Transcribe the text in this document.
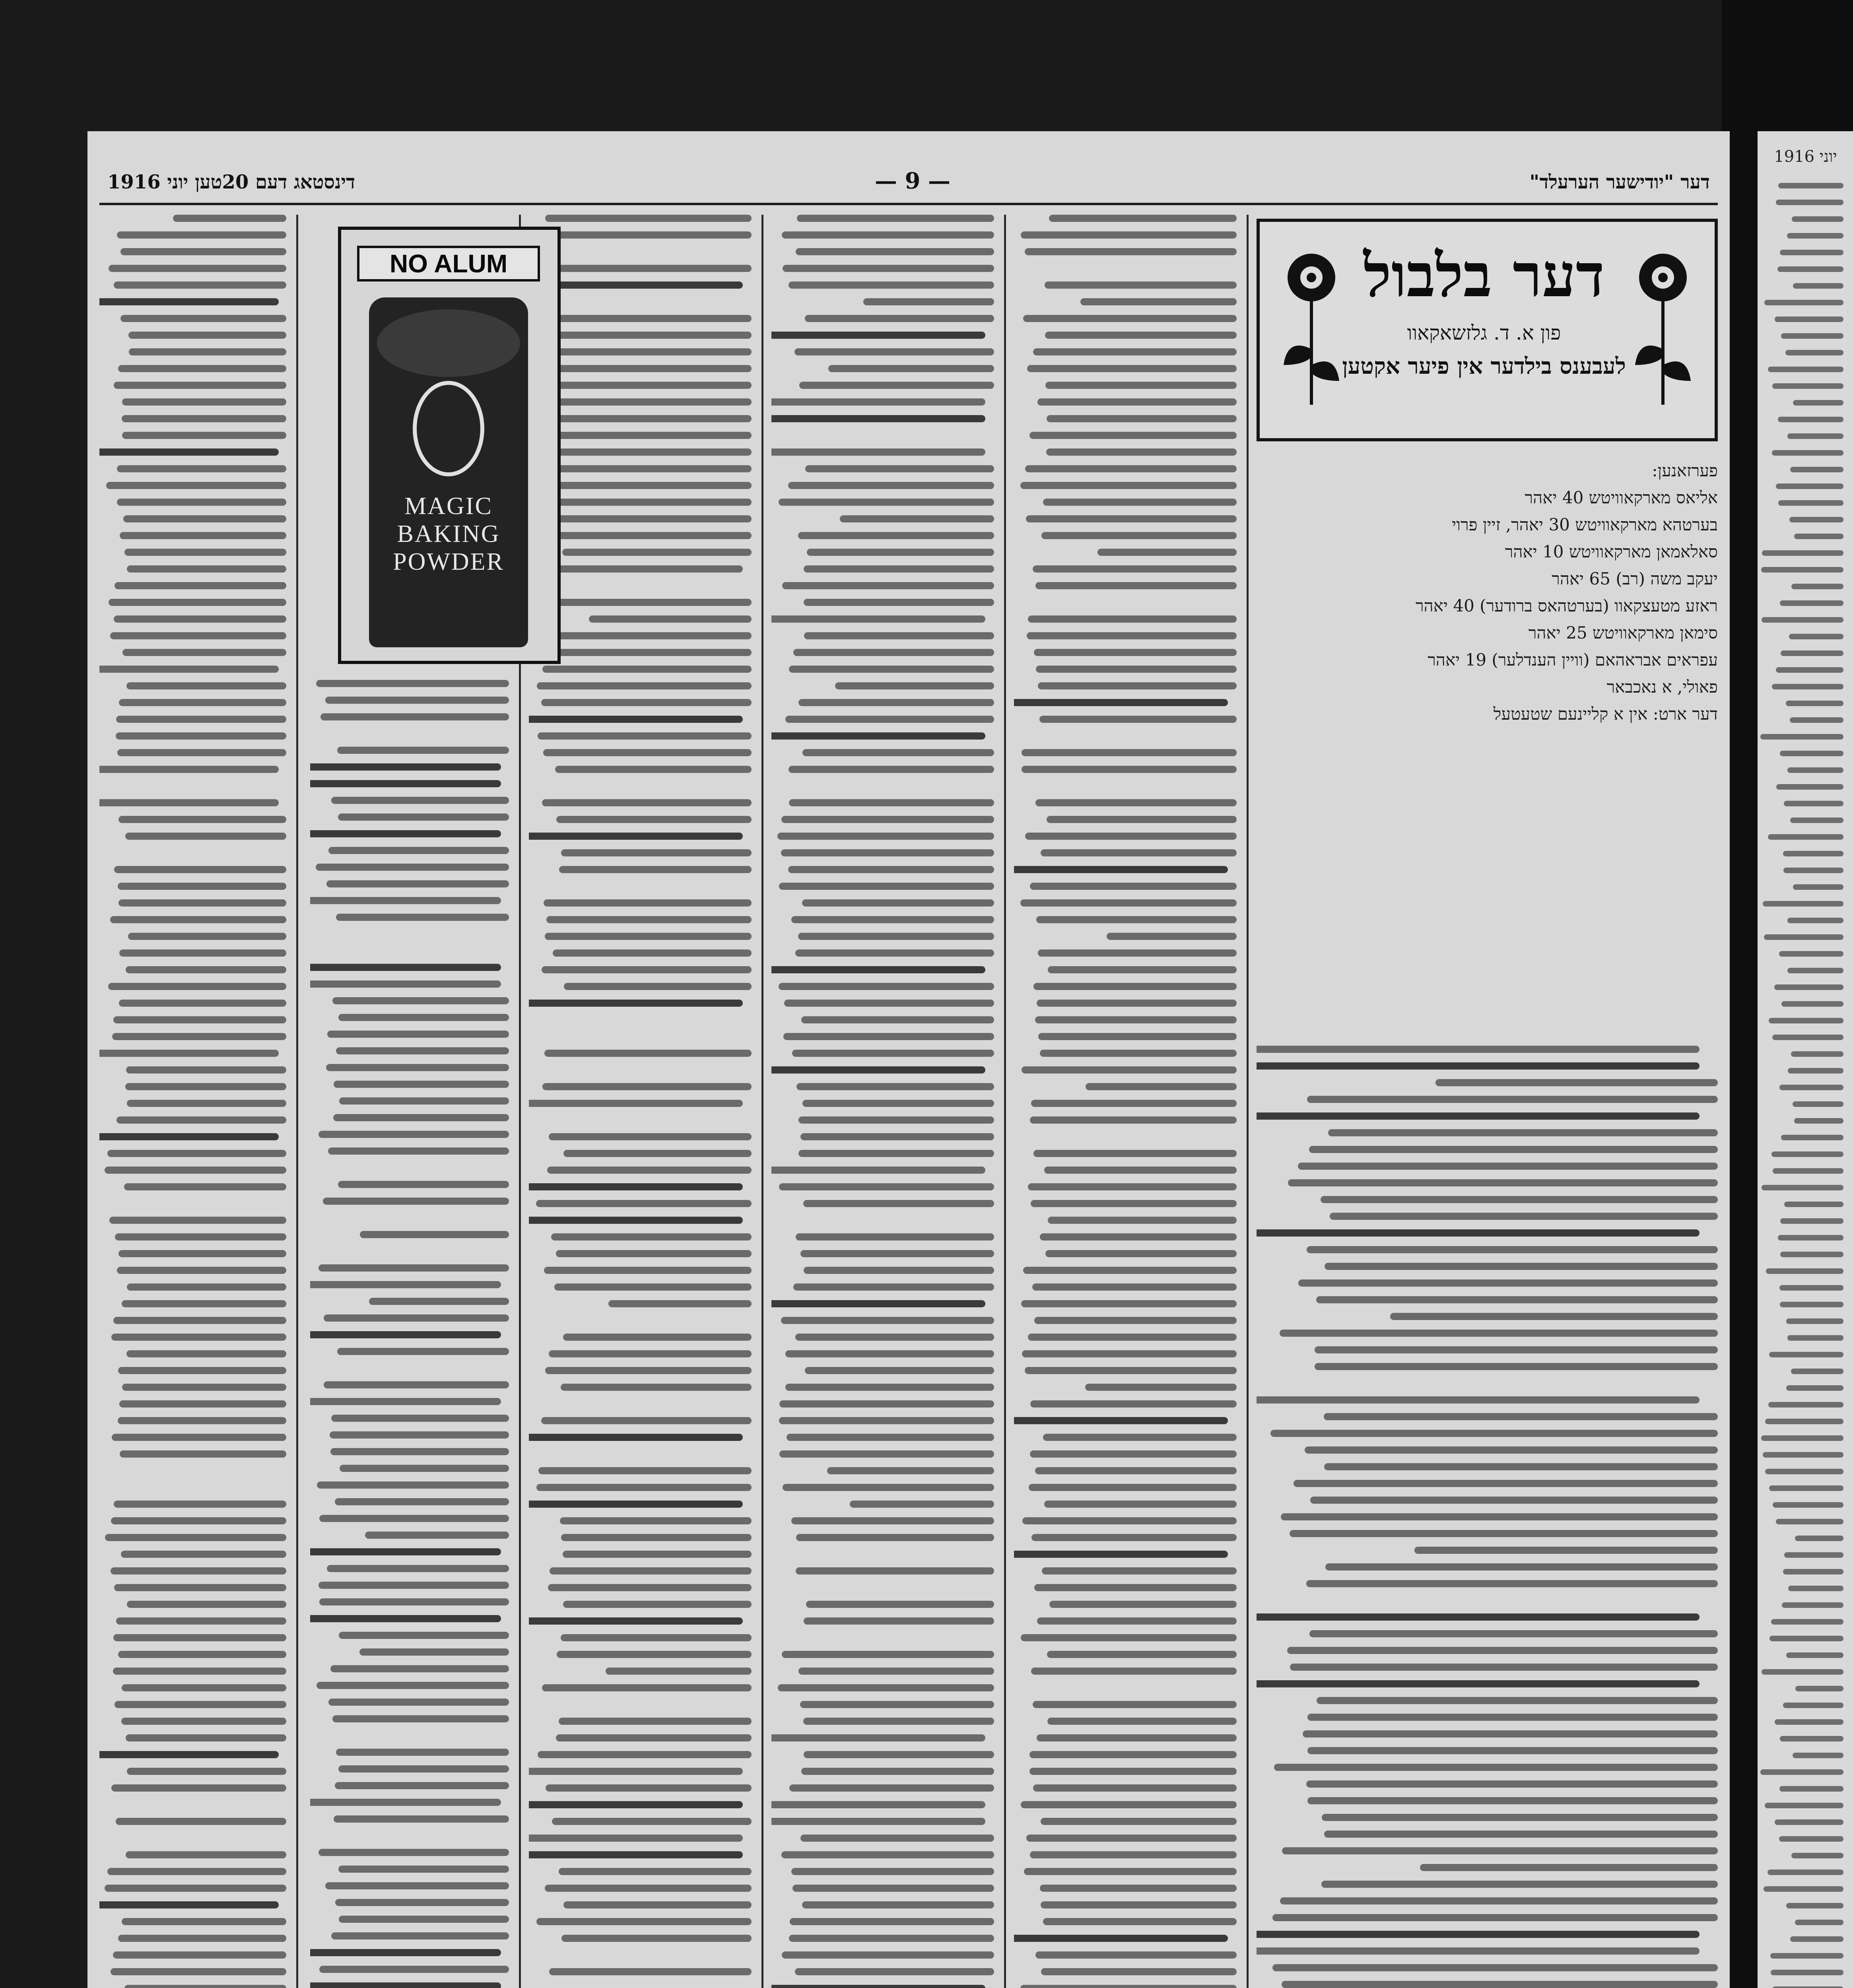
יוני 1916
דער "יודישער הערעלד"
— 9 —
דינסטאג דעם 20טען יוני 1916
דער בלבול
פון א. ד. גלזשאקאוו
לעבענס בילדער אין פיער אקטען
פערזאנען:
אליאס מארקאוויטש 40 יאהר
בערטהא מארקאוויטש 30 יאהר, זיין פרוי
סאלאמאן מארקאוויטש 10 יאהר
יעקב משה (רב) 65 יאהר
ראזע מטעצקאוו (בערטהאס ברודער) 40 יאהר
סימאן מארקאוויטש 25 יאהר
עפראים אבראהאם (וויין הענדלער) 19 יאהר
פאולי, א נאכבאר
דער ארט: אין א קליינעם שטעטעל
NO ALUM
MAGIC BAKING POWDER
